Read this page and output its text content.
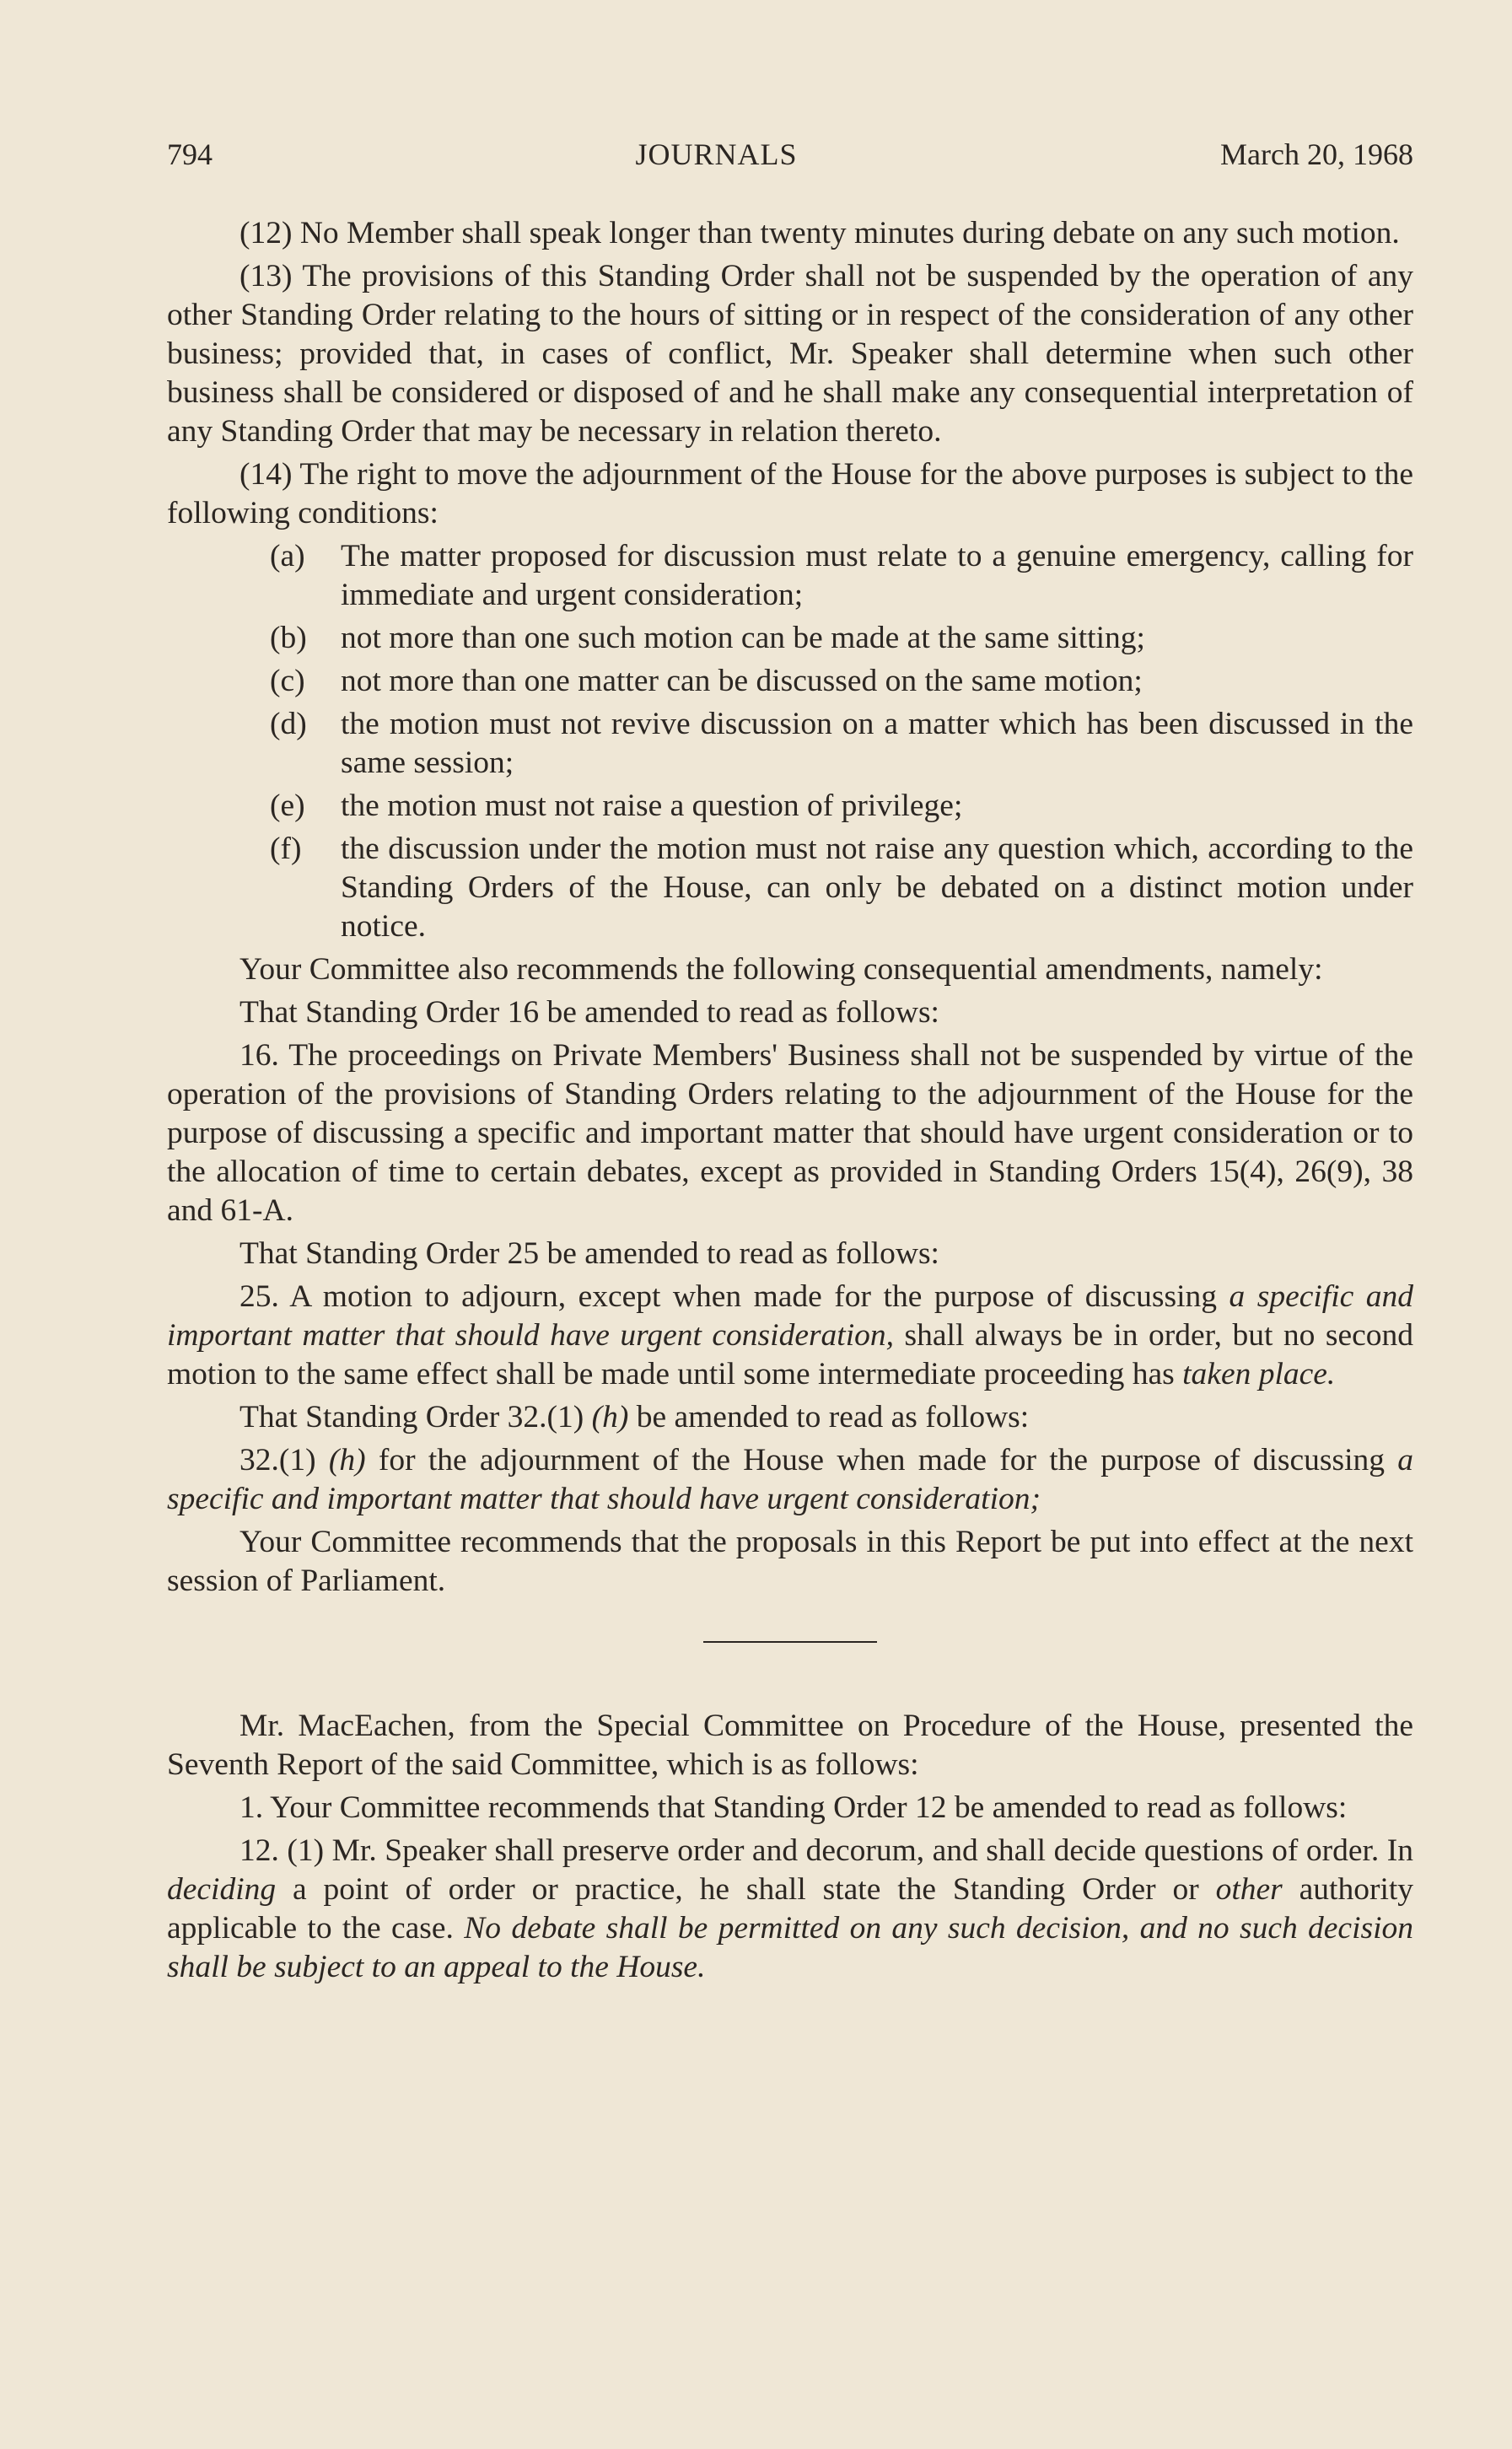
794	JOURNALS	March 20, 1968

(12) No Member shall speak longer than twenty minutes during debate on any such motion.

(13) The provisions of this Standing Order shall not be suspended by the operation of any other Standing Order relating to the hours of sitting or in respect of the consideration of any other business; provided that, in cases of conflict, Mr. Speaker shall determine when such other business shall be considered or disposed of and he shall make any consequential interpretation of any Standing Order that may be necessary in relation thereto.

(14) The right to move the adjournment of the House for the above purposes is subject to the following conditions:

(a)	The matter proposed for discussion must relate to a genuine emergency, calling for immediate and urgent consideration;
(b)	not more than one such motion can be made at the same sitting;
(c)	not more than one matter can be discussed on the same motion;
(d)	the motion must not revive discussion on a matter which has been discussed in the same session;
(e)	the motion must not raise a question of privilege;
(f)	the discussion under the motion must not raise any question which, according to the Standing Orders of the House, can only be debated on a distinct motion under notice.

Your Committee also recommends the following consequential amendments, namely:

That Standing Order 16 be amended to read as follows:

16. The proceedings on Private Members' Business shall not be suspended by virtue of the operation of the provisions of Standing Orders relating to the adjournment of the House for the purpose of discussing a specific and important matter that should have urgent consideration or to the allocation of time to certain debates, except as provided in Standing Orders 15(4), 26(9), 38 and 61-A.

That Standing Order 25 be amended to read as follows:

25. A motion to adjourn, except when made for the purpose of discussing a specific and important matter that should have urgent consideration, shall always be in order, but no second motion to the same effect shall be made until some intermediate proceeding has taken place.

That Standing Order 32.(1) (h) be amended to read as follows:

32.(1) (h) for the adjournment of the House when made for the purpose of discussing a specific and important matter that should have urgent consideration;

Your Committee recommends that the proposals in this Report be put into effect at the next session of Parliament.

Mr. MacEachen, from the Special Committee on Procedure of the House, presented the Seventh Report of the said Committee, which is as follows:

1. Your Committee recommends that Standing Order 12 be amended to read as follows:

12. (1) Mr. Speaker shall preserve order and decorum, and shall decide questions of order. In deciding a point of order or practice, he shall state the Standing Order or other authority applicable to the case. No debate shall be permitted on any such decision, and no such decision shall be subject to an appeal to the House.
